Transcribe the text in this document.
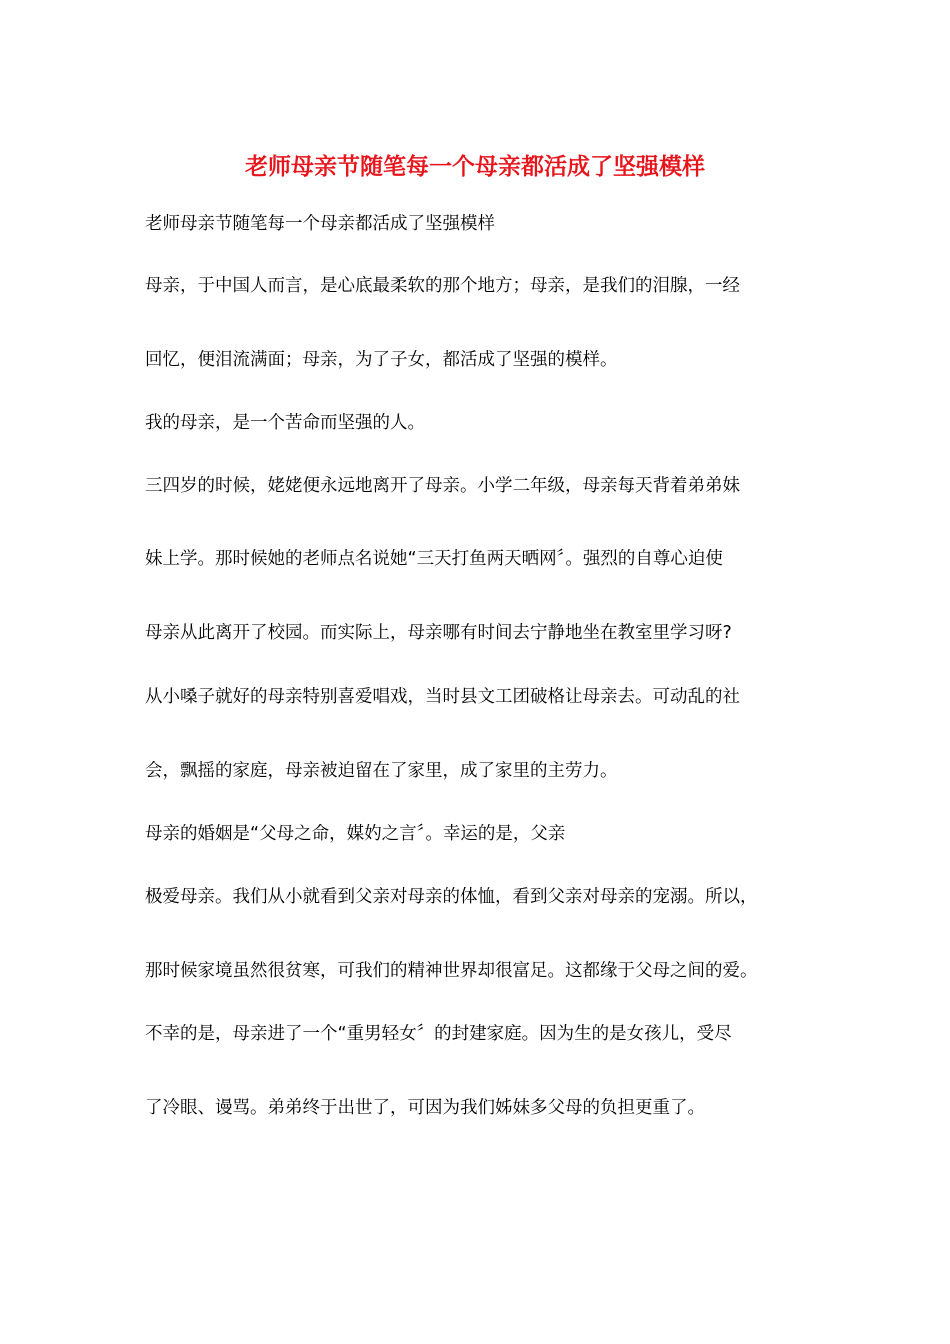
老师母亲节随笔每一个母亲都活成了坚强模样
老师母亲节随笔每一个母亲都活成了坚强模样
母亲，于中国人而言，是心底最柔软的那个地方；母亲，是我们的泪腺，一经
回忆，便泪流满面；母亲，为了子女，都活成了坚强的模样。
我的母亲，是一个苦命而坚强的人。
三四岁的时候，姥姥便永远地离开了母亲。小学二年级，母亲每天背着弟弟妹
妹上学。那时候她的老师点名说她“三天打鱼两天晒网〞。强烈的自尊心迫使
母亲从此离开了校园。而实际上，母亲哪有时间去宁静地坐在教室里学习呀?
从小嗓子就好的母亲特别喜爱唱戏，当时县文工团破格让母亲去。可动乱的社
会，飘摇的家庭，母亲被迫留在了家里，成了家里的主劳力。
母亲的婚姻是“父母之命，媒妁之言〞。幸运的是，父亲
极爱母亲。我们从小就看到父亲对母亲的体恤，看到父亲对母亲的宠溺。所以，
那时候家境虽然很贫寒，可我们的精神世界却很富足。这都缘于父母之间的爱。
不幸的是，母亲进了一个“重男轻女〞的封建家庭。因为生的是女孩儿，受尽
了冷眼、谩骂。弟弟终于出世了，可因为我们姊妹多父母的负担更重了。
